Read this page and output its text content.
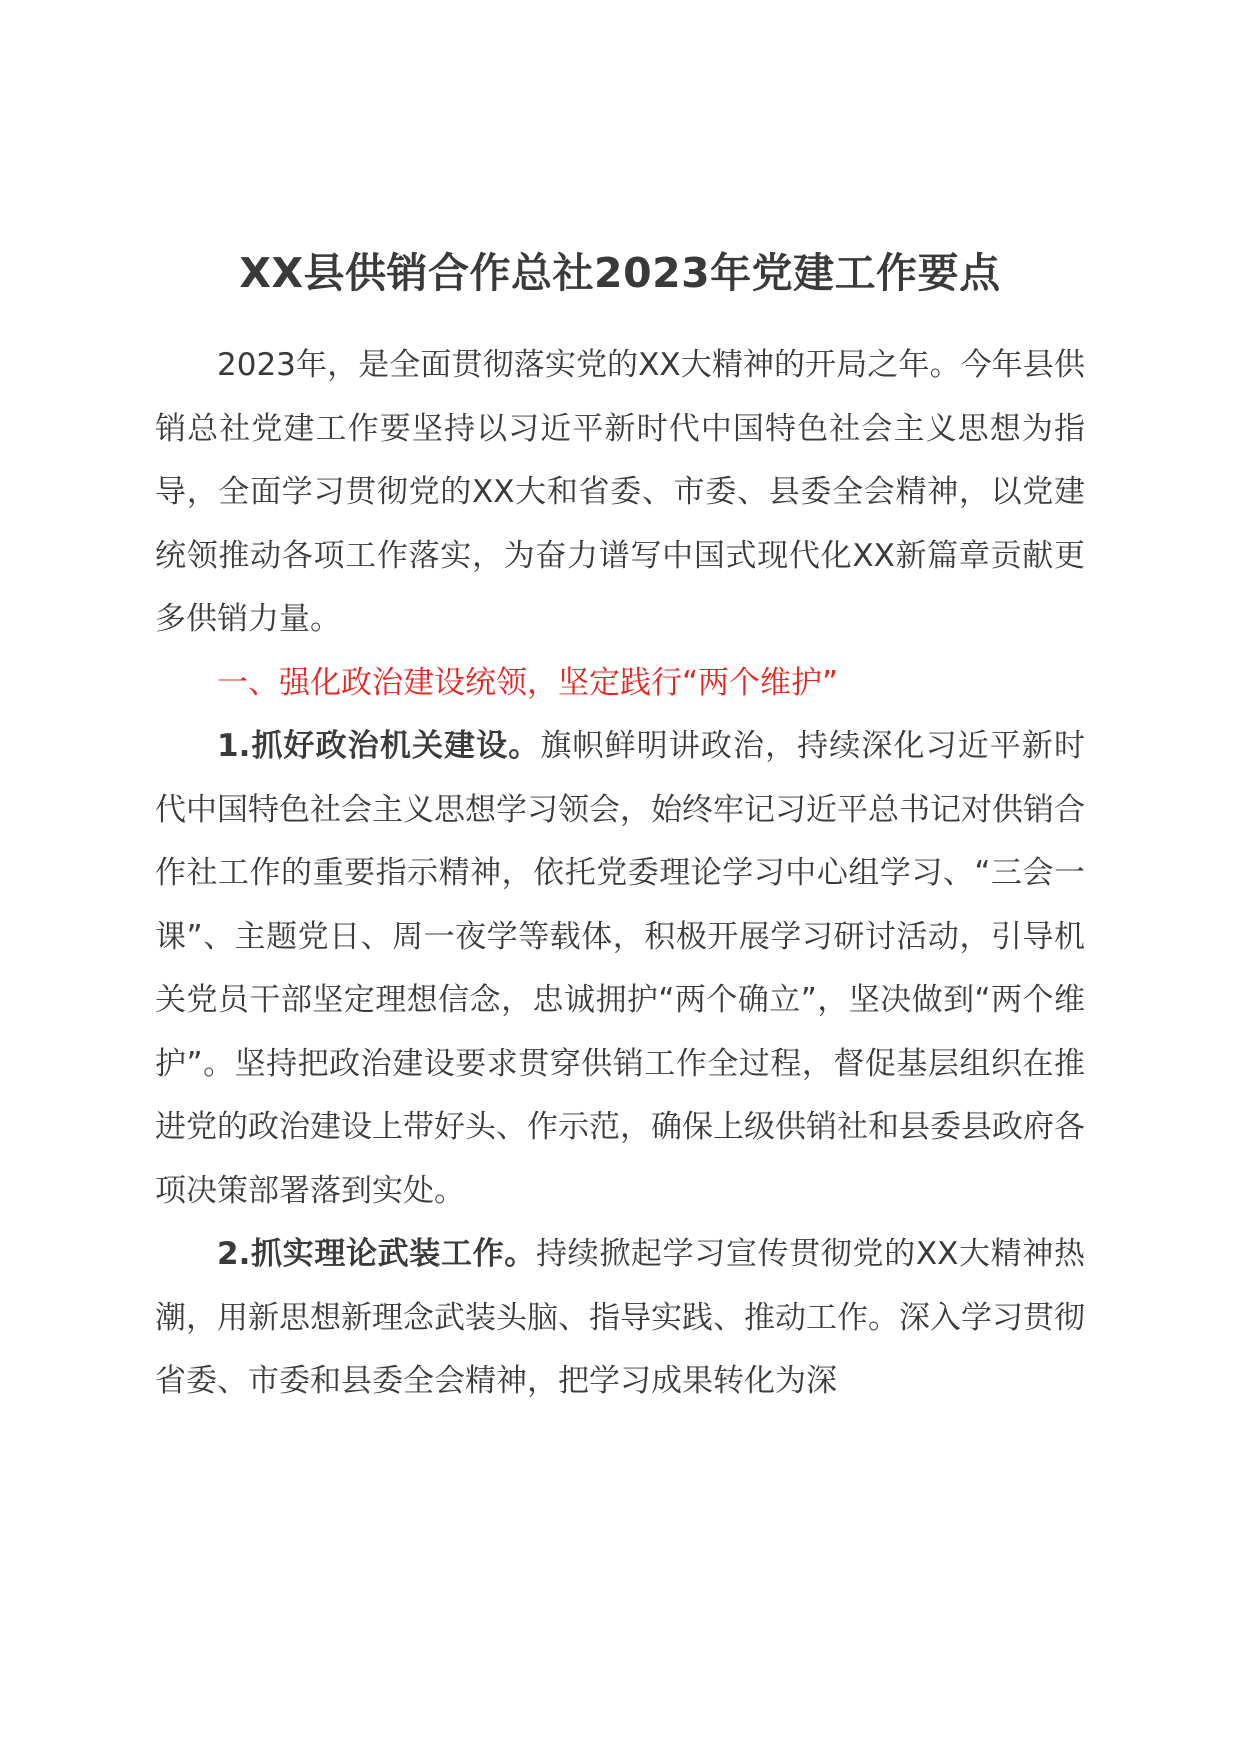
XX县供销合作总社2023年党建工作要点

2023年，是全面贯彻落实党的XX大精神的开局之年。今年县供销总社党建工作要坚持以习近平新时代中国特色社会主义思想为指导，全面学习贯彻党的XX大和省委、市委、县委全会精神，以党建统领推动各项工作落实，为奋力谱写中国式现代化XX新篇章贡献更多供销力量。

一、强化政治建设统领，坚定践行“两个维护”

1.抓好政治机关建设。旗帜鲜明讲政治，持续深化习近平新时代中国特色社会主义思想学习领会，始终牢记习近平总书记对供销合作社工作的重要指示精神，依托党委理论学习中心组学习、“三会一课”、主题党日、周一夜学等载体，积极开展学习研讨活动，引导机关党员干部坚定理想信念，忠诚拥护“两个确立”，坚决做到“两个维护”。坚持把政治建设要求贯穿供销工作全过程，督促基层组织在推进党的政治建设上带好头、作示范，确保上级供销社和县委县政府各项决策部署落到实处。

2.抓实理论武装工作。持续掀起学习宣传贯彻党的XX大精神热潮，用新思想新理念武装头脑、指导实践、推动工作。深入学习贯彻省委、市委和县委全会精神，把学习成果转化为深
